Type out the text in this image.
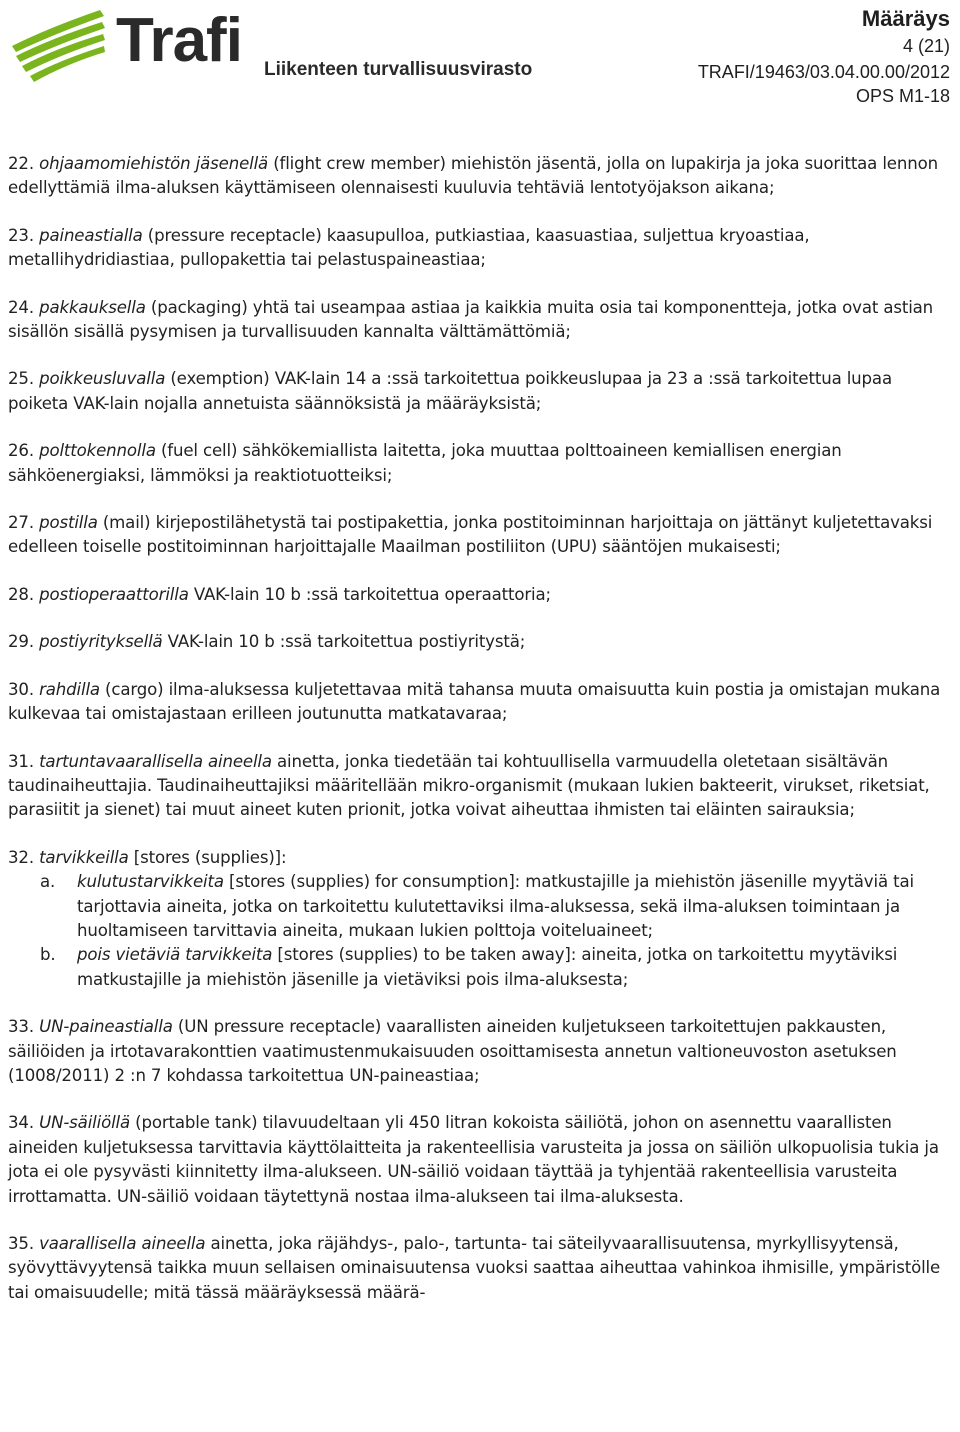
Trafi Liikenteen turvallisuusvirasto
Määräys
4 (21)
TRAFI/19463/03.04.00.00/2012
OPS M1-18

22. ohjaamomiehistön jäsenellä (flight crew member) miehistön jäsentä, jolla on lupakirja ja joka suorittaa lennon edellyttämiä ilma-aluksen käyttämiseen olennaisesti kuuluvia tehtäviä lentotyöjakson aikana;

23. paineastialla (pressure receptacle) kaasupulloa, putkiastiaa, kaasuastiaa, suljettua kryoastiaa, metallihydridiastiaa, pullopakettia tai pelastuspaineastiaa;

24. pakkauksella (packaging) yhtä tai useampaa astiaa ja kaikkia muita osia tai komponentteja, jotka ovat astian sisällön sisällä pysymisen ja turvallisuuden kannalta välttämättömiä;

25. poikkeusluvalla (exemption) VAK-lain 14 a :ssä tarkoitettua poikkeuslupaa ja 23 a :ssä tarkoitettua lupaa poiketa VAK-lain nojalla annetuista säännöksistä ja määräyksistä;

26. polttokennolla (fuel cell) sähkökemiallista laitetta, joka muuttaa polttoaineen kemiallisen energian sähköenergiaksi, lämmöksi ja reaktiotuotteiksi;

27. postilla (mail) kirjepostilähetystä tai postipakettia, jonka postitoiminnan harjoittaja on jättänyt kuljetettavaksi edelleen toiselle postitoiminnan harjoittajalle Maailman postiliiton (UPU) sääntöjen mukaisesti;

28. postioperaattorilla VAK-lain 10 b :ssä tarkoitettua operaattoria;

29. postiyrityksellä VAK-lain 10 b :ssä tarkoitettua postiyritystä;

30. rahdilla (cargo) ilma-aluksessa kuljetettavaa mitä tahansa muuta omaisuutta kuin postia ja omistajan mukana kulkevaa tai omistajastaan erilleen joutunutta matkatavaraa;

31. tartuntavaarallisella aineella ainetta, jonka tiedetään tai kohtuullisella varmuudella oletetaan sisältävän taudinaiheuttajia. Taudinaiheuttajiksi määritellään mikro-organismit (mukaan lukien bakteerit, virukset, riketsiat, parasiitit ja sienet) tai muut aineet kuten prionit, jotka voivat aiheuttaa ihmisten tai eläinten sairauksia;

32. tarvikkeilla [stores (supplies)]:

a.	kulutustarvikkeita [stores (supplies) for consumption]: matkustajille ja miehistön jäsenille myytäviä tai tarjottavia aineita, jotka on tarkoitettu kulutettaviksi ilma-aluksessa, sekä ilma-aluksen toimintaan ja huoltamiseen tarvittavia aineita, mukaan lukien polttoja voiteluaineet;
b.	pois vietäviä tarvikkeita [stores (supplies) to be taken away]: aineita, jotka on tarkoitettu myytäviksi matkustajille ja miehistön jäsenille ja vietäviksi pois ilma-aluksesta;

33. UN-paineastialla (UN pressure receptacle) vaarallisten aineiden kuljetukseen tarkoitettujen pakkausten, säiliöiden ja irtotavarakonttien vaatimustenmukaisuuden osoittamisesta annetun valtioneuvoston asetuksen (1008/2011) 2 :n 7 kohdassa tarkoitettua UN-paineastiaa;

34. UN-säiliöllä (portable tank) tilavuudeltaan yli 450 litran kokoista säiliötä, johon on asennettu vaarallisten aineiden kuljetuksessa tarvittavia käyttölaitteita ja rakenteellisia varusteita ja jossa on säiliön ulkopuolisia tukia ja jota ei ole pysyvästi kiinnitetty ilma-alukseen. UN-säiliö voidaan täyttää ja tyhjentää rakenteellisia varusteita irrottamatta. UN-säiliö voidaan täytettynä nostaa ilma-alukseen tai ilma-aluksesta.

35. vaarallisella aineella ainetta, joka räjähdys-, palo-, tartunta- tai säteilyvaarallisuutensa, myrkyllisyytensä, syövyttävyytensä taikka muun sellaisen ominaisuutensa vuoksi saattaa aiheuttaa vahinkoa ihmisille, ympäristölle tai omaisuudelle; mitä tässä määräyksessä määrä-
